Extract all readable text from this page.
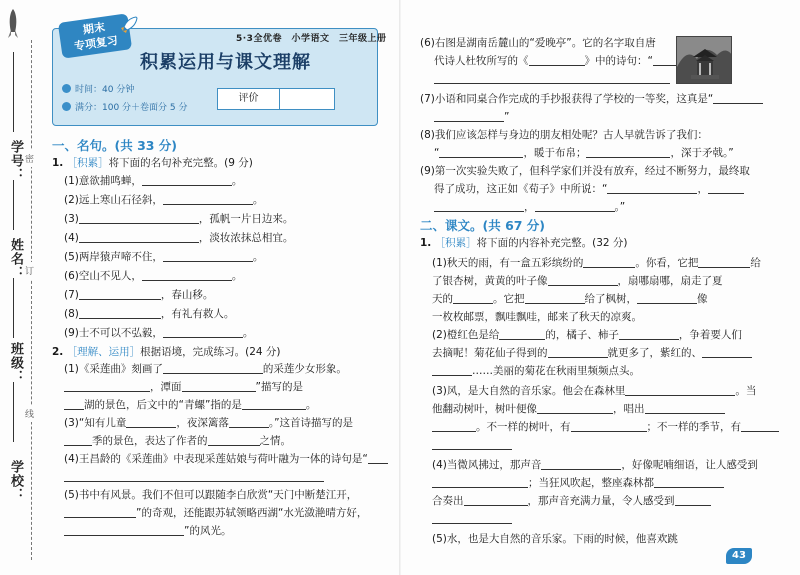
学号：
姓名：
班级：
学校：
密
订
线
期末
专项复习	5·3全优卷　小学语文　三年级上册
积累运用与课文理解
时间：40 分钟
满分：100 分＋卷面分 5 分
评价
一、名句。(共 33 分)
1. ［积累］将下面的名句补充完整。(9 分)
(1)意欲捕鸣蝉，	。
(2)远上寒山石径斜，	。
(3)	，孤帆一片日边来。
(4)	，淡妆浓抹总相宜。
(5)两岸猿声啼不住，	。
(6)空山不见人，	。
(7)	，春山移。
(8)	，有礼有救人。
(9)士不可以不弘毅，	。
2. ［理解、运用］根据语境，完成练习。(24 分)
(1)《采莲曲》刻画了	的采莲少女形象。
，潭面	”描写的是
湖的景色，后文中的“青螺”指的是	。
(3)“知有儿童	，夜深篱落	。”这首诗描写的是
季的景色，表达了作者的	之情。
(4)王昌龄的《采莲曲》中表现采莲姑娘与荷叶融为一体的诗句是“
(5)书中有风景。我们不但可以跟随李白欣赏“天门中断楚江开，
”的奇观，还能跟苏轼领略西湖“水光潋滟晴方好，
”的风光。
(6)右图是湖南岳麓山的“爱晚亭”。它的名字取自唐
代诗人杜牧所写的《	》中的诗句：“
(7)小语和同桌合作完成的手抄报获得了学校的一等奖，这真是“
”
(8)我们应该怎样与身边的朋友相处呢？古人早就告诉了我们：
“	，暖于布帛；	，深于矛戟。”
(9)第一次实验失败了，但科学家们并没有放弃，经过不断努力，最终取
得了成功，这正如《荀子》中所说：“	，
，	。”
二、课文。(共 67 分)
1. ［积累］将下面的内容补充完整。(32 分)
(1)秋天的雨，有一盒五彩缤纷的	。你看，它把	给
了银杏树，黄黄的叶子像	，扇哪扇哪，扇走了夏
天的	。它把	给了枫树，	像
一枚枚邮票，飘哇飘哇，邮来了秋天的凉爽。
(2)橙红色是给	的，橘子、柿子	，争着要人们
去摘呢！菊花仙子得到的	就更多了，紫红的、
……美丽的菊花在秋雨里频频点头。
(3)风，是大自然的音乐家。他会在森林里	。当
他翻动树叶，树叶便像	，唱出
。不一样的树叶，有	；不一样的季节，有
(4)当微风拂过，那声音	，好像呢喃细语，让人感受到
；当狂风吹起，整座森林都
合奏出	，那声音充满力量，令人感受到
(5)水，也是大自然的音乐家。下雨的时候，他喜欢跳
43
